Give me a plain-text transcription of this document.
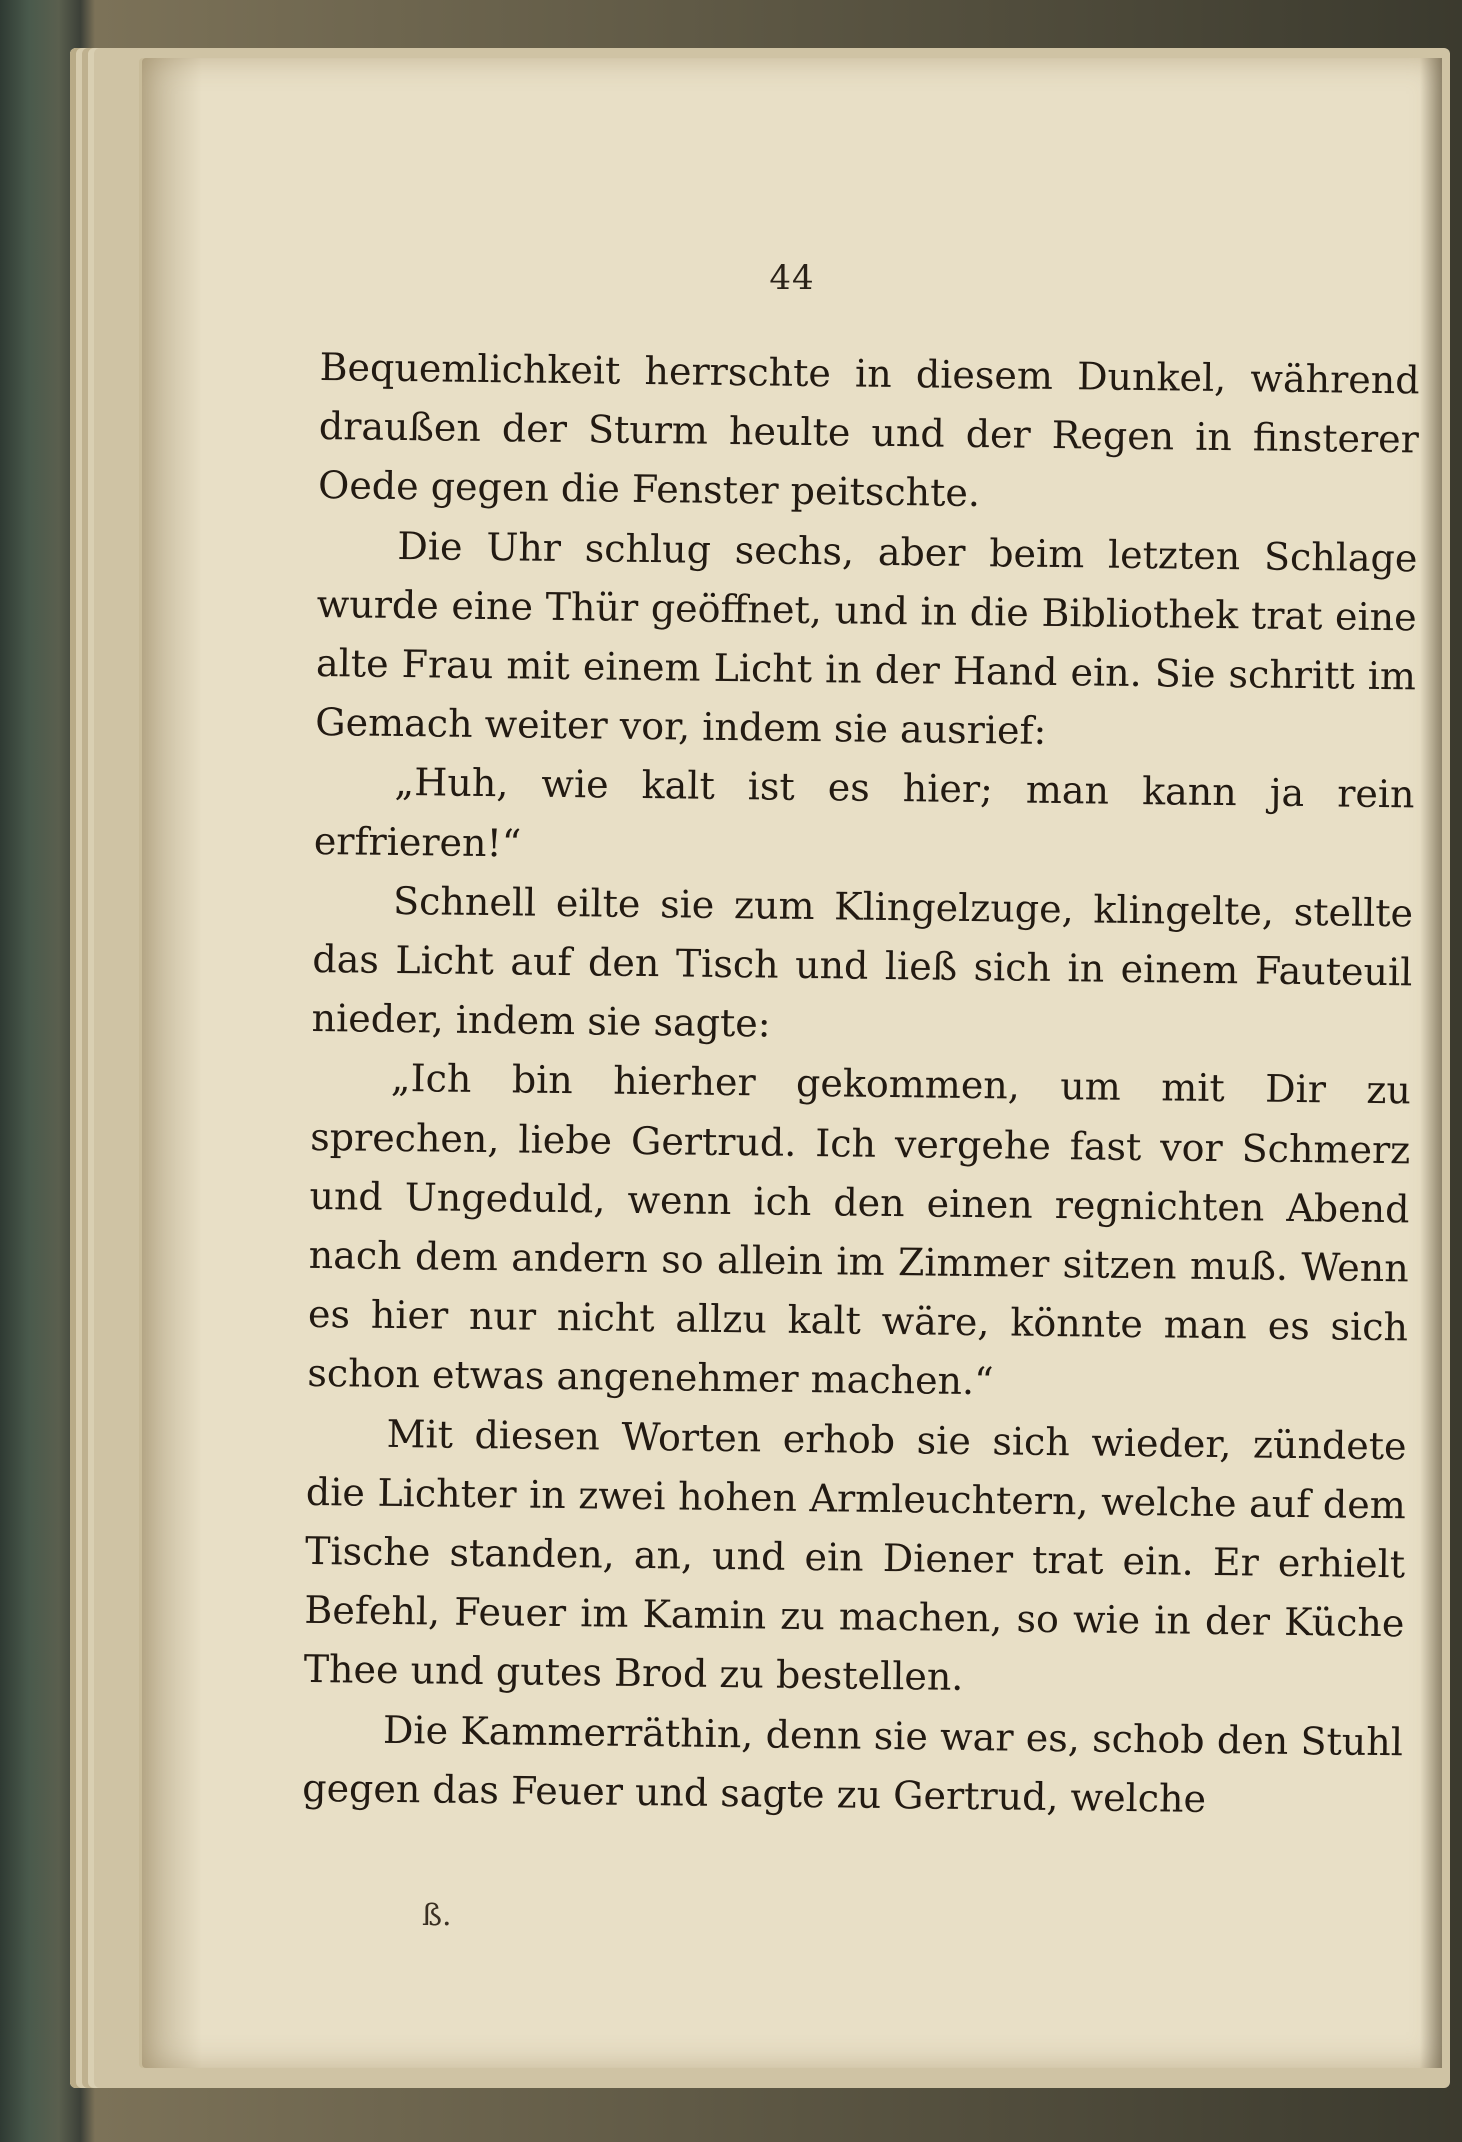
44

Bequemlichkeit herrschte in diesem Dunkel, während draußen der Sturm heulte und der Regen in finsterer Oede gegen die Fenster peitschte.

Die Uhr schlug sechs, aber beim letzten Schlage wurde eine Thür geöffnet, und in die Bibliothek trat eine alte Frau mit einem Licht in der Hand ein. Sie schritt im Gemach weiter vor, indem sie ausrief:

„Huh, wie kalt ist es hier; man kann ja rein erfrieren!“

Schnell eilte sie zum Klingelzuge, klingelte, stellte das Licht auf den Tisch und ließ sich in einem Fauteuil nieder, indem sie sagte:

„Ich bin hierher gekommen, um mit Dir zu sprechen, liebe Gertrud. Ich vergehe fast vor Schmerz und Ungeduld, wenn ich den einen regnichten Abend nach dem andern so allein im Zimmer sitzen muß. Wenn es hier nur nicht allzu kalt wäre, könnte man es sich schon etwas angenehmer machen.“

Mit diesen Worten erhob sie sich wieder, zündete die Lichter in zwei hohen Armleuchtern, welche auf dem Tische standen, an, und ein Diener trat ein. Er erhielt Befehl, Feuer im Kamin zu machen, so wie in der Küche Thee und gutes Brod zu bestellen.

Die Kammerräthin, denn sie war es, schob den Stuhl gegen das Feuer und sagte zu Gertrud, welche

ß.
